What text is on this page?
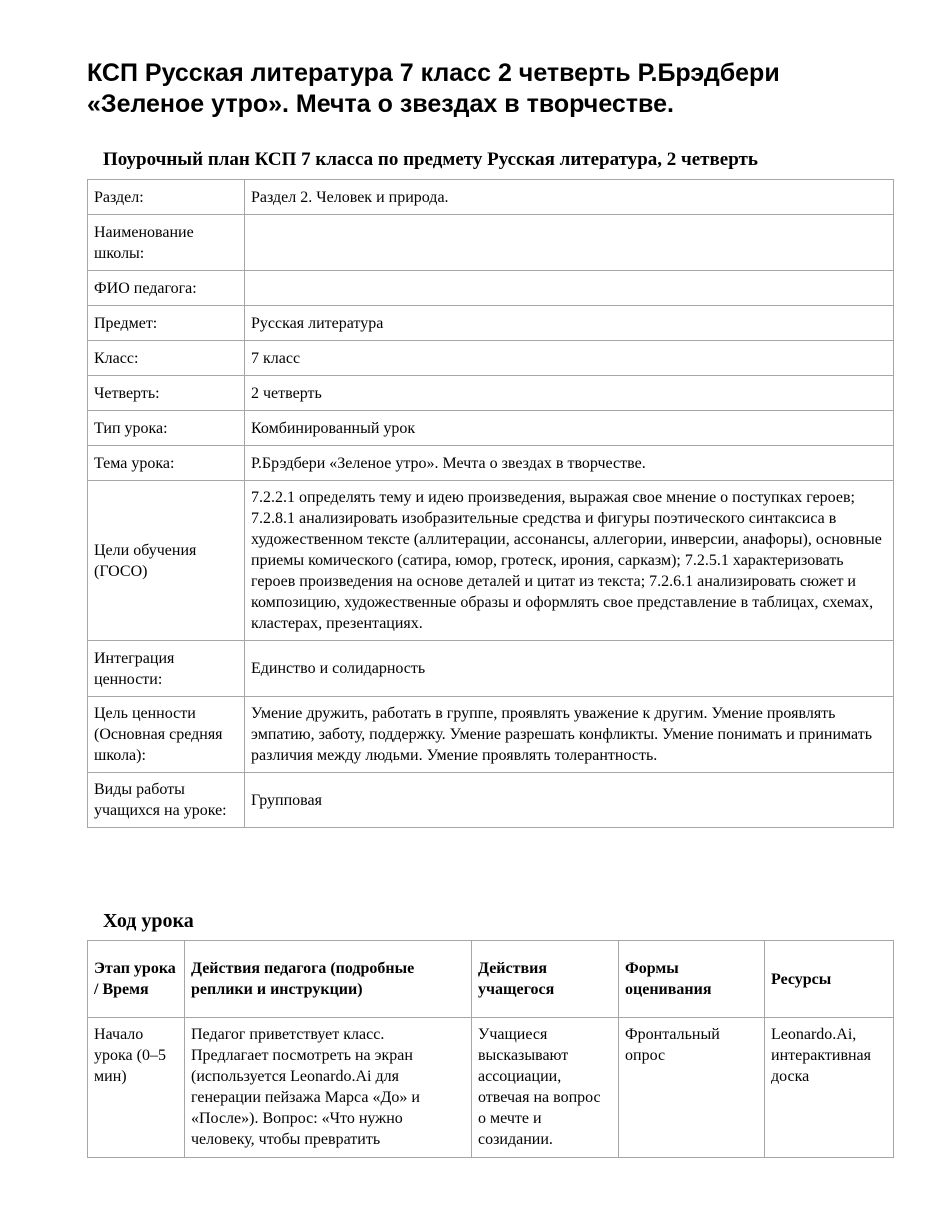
КСП Русская литература 7 класс 2 четверть Р.Брэдбери «Зеленое утро». Мечта о звездах в творчестве.
Поурочный план КСП 7 класса по предмету Русская литература, 2 четверть
Раздел:	Раздел 2. Человек и природа.
Наименование школы:	
ФИО педагога:	
Предмет:	Русская литература
Класс:	7 класс
Четверть:	2 четверть
Тип урока:	Комбинированный урок
Тема урока:	Р.Брэдбери «Зеленое утро». Мечта о звездах в творчестве.
Цели обучения (ГОСО)	7.2.2.1 определять тему и идею произведения, выражая свое мнение о поступках героев; 7.2.8.1 анализировать изобразительные средства и фигуры поэтического синтаксиса в художественном тексте (аллитерации, ассонансы, аллегории, инверсии, анафоры), основные приемы комического (сатира, юмор, гротеск, ирония, сарказм); 7.2.5.1 характеризовать героев произведения на основе деталей и цитат из текста; 7.2.6.1 анализировать сюжет и композицию, художественные образы и оформлять свое представление в таблицах, схемах, кластерах, презентациях.
Интеграция ценности:	Единство и солидарность
Цель ценности (Основная средняя школа):	Умение дружить, работать в группе, проявлять уважение к другим. Умение проявлять эмпатию, заботу, поддержку. Умение разрешать конфликты. Умение понимать и принимать различия между людьми. Умение проявлять толерантность.
Виды работы учащихся на уроке:	Групповая
Ход урока
Этап урока / Время	Действия педагога (подробные реплики и инструкции)	Действия учащегося	Формы оценивания	Ресурсы
Начало урока (0–5 мин)	Педагог приветствует класс. Предлагает посмотреть на экран (используется Leonardo.Ai для генерации пейзажа Марса «До» и «После»). Вопрос: «Что нужно человеку, чтобы превратить	Учащиеся высказывают ассоциации, отвечая на вопрос о мечте и созидании.	Фронтальный опрос	Leonardo.Ai, интерактивная доска
